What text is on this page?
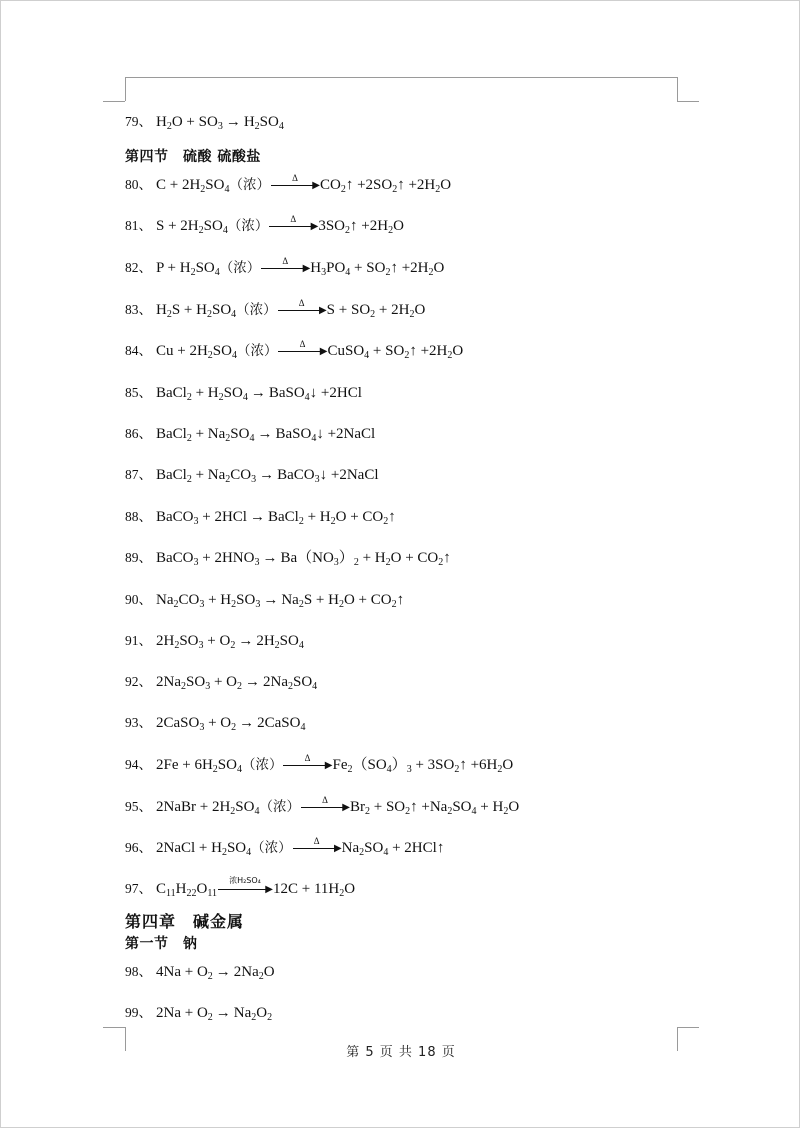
79、 $H_2O + SO_3 \to H_2SO_4$
第四节　硫酸 硫酸盐
80、 $C + 2H_2SO_4$（浓）	Δ
▶ $CO_2↑$ $+2SO_2↑ +2H_2O$
81、 $S + 2H_2SO_4$（浓）	Δ
▶ $3SO_2↑ +2H_2O$
82、 $P + H_2SO_4$（浓）	Δ
▶ $H_3PO_4$ + $SO_2↑ +2H_2O$
83、 $H_2S + H_2SO_4$（浓）	Δ
▶ $S + SO_2 + 2H_2O$
84、 $Cu + 2H_2SO_4$（浓）	Δ
▶ CuSO$_4$ + $SO_2↑ +2H_2O$
85、 BaCl$_2$ + $H_2SO_4$ → BaSO$_4$↓ +2HCl
86、 BaCl$_2$ + $Na_2SO_4$ → BaSO$_4$↓ +2NaCl
87、 BaCl$_2$ + $Na_2CO_3$ → BaCO$_3$↓ +2NaCl
88、 BaCO$_3$ + 2HCl → BaCl$_2$ + $H_2O$ + $CO_2↑$
89、 BaCO$_3$ + $2HNO_3 \to Ba(NO_3)_2 + H_2O$ + $CO_2↑$
90、 $Na_2CO_3 + H_2SO_3 \to Na_2S + H_2O$ + $CO_2↑$
91、 $2H_2SO_3 + O_2 \to 2H_2SO_4$
92、 $2Na_2SO_3 + O_2 \to 2Na_2SO_4$
93、 2CaSO$_3$ + $O_2$ → 2CaSO$_4$
94、 $2Fe + 6H_2SO_4$（浓）	Δ
▶ $Fe_2(SO_4)_3$ + $3SO_2↑ +6H_2O$
95、 2NaBr + $2H_2SO_4$（浓）	Δ
▶ $Br_2$ + $SO_2↑ +Na_2SO_4 + H_2O$
96、 2NaCl + $H_2SO_4$（浓）	Δ
▶ $Na_2SO_4$ + 2HCl↑
97、 $C_{11}H_{22}O_{11}$
浓H₂SO₄
▶ $12C + 11H_2O$
第四章　碱金属
第一节　钠
98、 $4Na + O_2 \to 2Na_2O$
99、 $2Na + O_2 \to Na_2O_2$
第 5 页 共 18 页
